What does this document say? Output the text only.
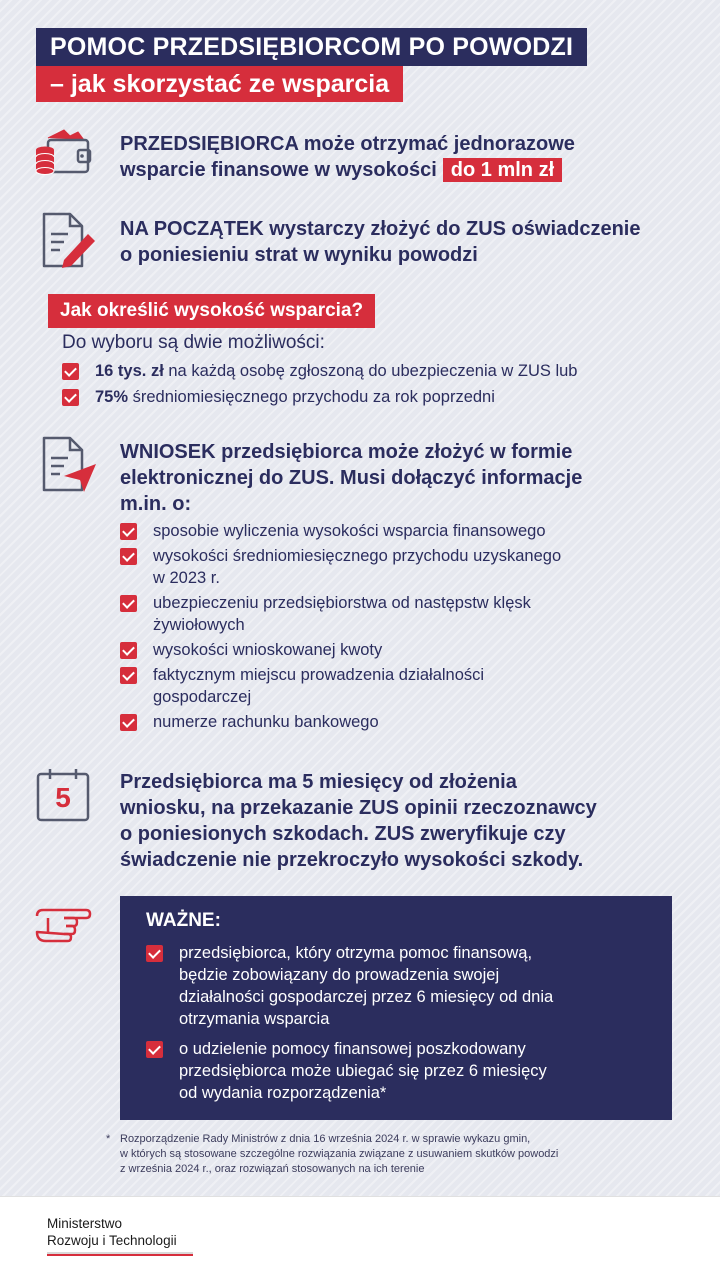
POMOC PRZEDSIĘBIORCOM PO POWODZI
– jak skorzystać ze wsparcia
PRZEDSIĘBIORCA może otrzymać jednorazowe
wsparcie finansowe w wysokości do 1 mln zł
NA POCZĄTEK wystarczy złożyć do ZUS oświadczenie
o poniesieniu strat w wyniku powodzi
Jak określić wysokość wsparcia?
Do wyboru są dwie możliwości:
16 tys. zł na każdą osobę zgłoszoną do ubezpieczenia w ZUS lub
75% średniomiesięcznego przychodu za rok poprzedni
WNIOSEK przedsiębiorca może złożyć w formie
elektronicznej do ZUS. Musi dołączyć informacje
m.in. o:
sposobie wyliczenia wysokości wsparcia finansowego
wysokości średniomiesięcznego przychodu uzyskanego
w 2023 r.
ubezpieczeniu przedsiębiorstwa od następstw klęsk
żywiołowych
wysokości wnioskowanej kwoty
faktycznym miejscu prowadzenia działalności
gospodarczej
numerze rachunku bankowego
5	Przedsiębiorca ma 5 miesięcy od złożenia
wniosku, na przekazanie ZUS opinii rzeczoznawcy
o poniesionych szkodach. ZUS zweryfikuje czy
świadczenie nie przekroczyło wysokości szkody.
WAŻNE:
przedsiębiorca, który otrzyma pomoc finansową,
będzie zobowiązany do prowadzenia swojej
działalności gospodarczej przez 6 miesięcy od dnia
otrzymania wsparcia
o udzielenie pomocy finansowej poszkodowany
przedsiębiorca może ubiegać się przez 6 miesięcy
od wydania rozporządzenia*
* Rozporządzenie Rady Ministrów z dnia 16 września 2024 r. w sprawie wykazu gmin,
w których są stosowane szczególne rozwiązania związane z usuwaniem skutków powodzi
z września 2024 r., oraz rozwiązań stosowanych na ich terenie
Ministerstwo
Rozwoju i Technologii
